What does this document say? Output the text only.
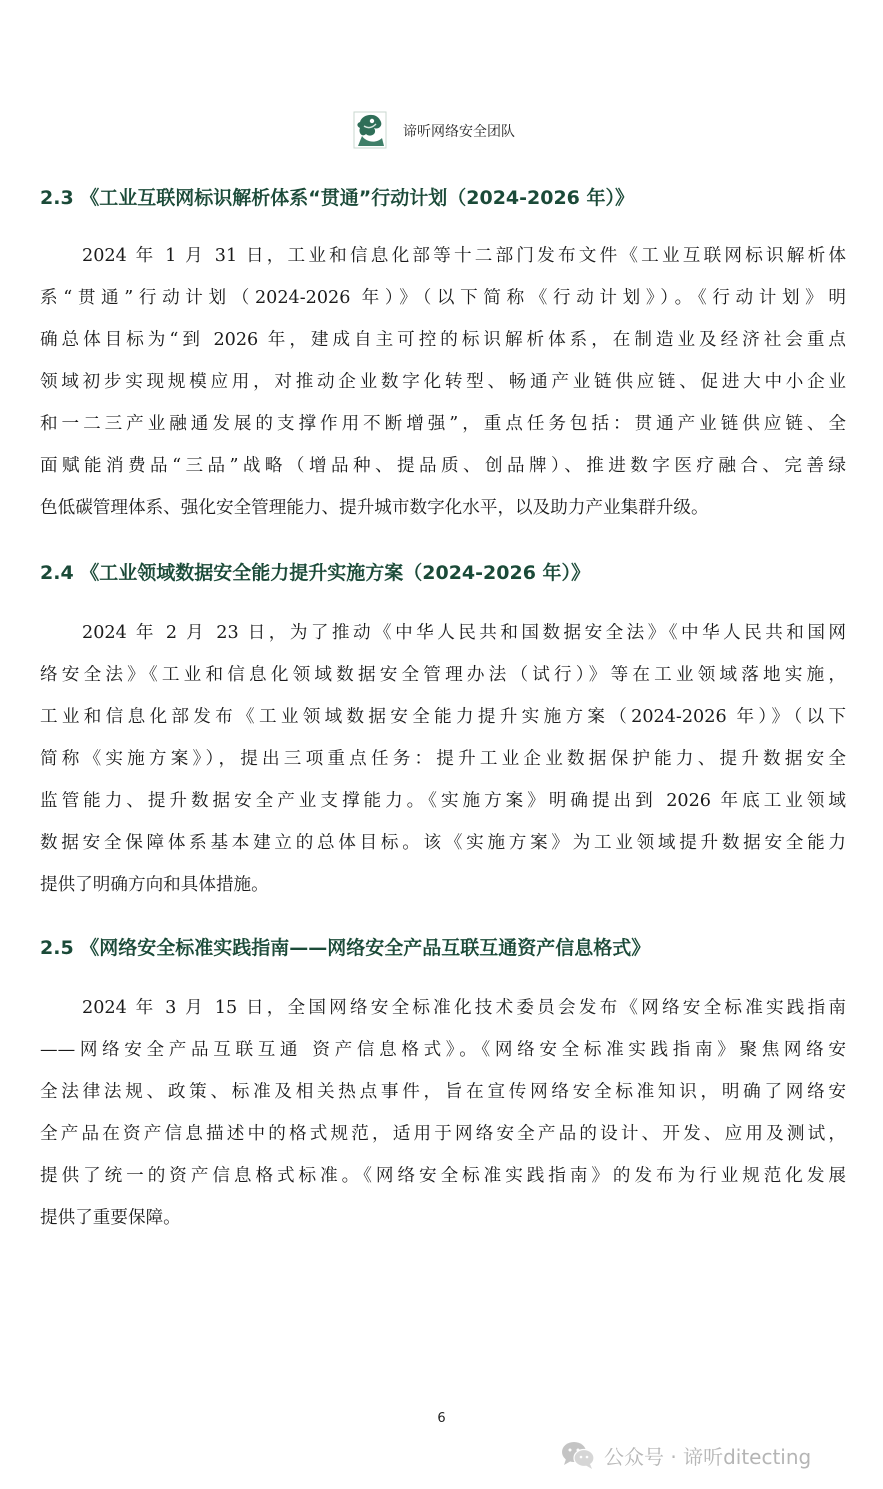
谛听网络安全团队
2.3 《工业互联网标识解析体系“贯通”行动计划（2024-2026 年）》
2024 年 1 月 31 日，工业和信息化部等十二部门发布文件《工业互联网标识解析体
系“贯通”行动计划（2024-2026 年）》（以下简称《行动计划》）。《行动计划》明
确总体目标为“到 2026 年，建成自主可控的标识解析体系，在制造业及经济社会重点
领域初步实现规模应用，对推动企业数字化转型、畅通产业链供应链、促进大中小企业
和一二三产业融通发展的支撑作用不断增强”，重点任务包括：贯通产业链供应链、全
面赋能消费品“三品”战略（增品种、提品质、创品牌）、推进数字医疗融合、完善绿
色低碳管理体系、强化安全管理能力、提升城市数字化水平，以及助力产业集群升级。
2.4 《工业领域数据安全能力提升实施方案（2024-2026 年）》
2024 年 2 月 23 日，为了推动《中华人民共和国数据安全法》《中华人民共和国网
络安全法》《工业和信息化领域数据安全管理办法（试行）》等在工业领域落地实施，
工业和信息化部发布《工业领域数据安全能力提升实施方案（2024-2026 年）》（以下
简称《实施方案》），提出三项重点任务：提升工业企业数据保护能力、提升数据安全
监管能力、提升数据安全产业支撑能力。《实施方案》明确提出到 2026 年底工业领域
数据安全保障体系基本建立的总体目标。该《实施方案》为工业领域提升数据安全能力
提供了明确方向和具体措施。
2.5 《网络安全标准实践指南——网络安全产品互联互通资产信息格式》
2024 年 3 月 15 日，全国网络安全标准化技术委员会发布《网络安全标准实践指南
——网络安全产品互联互通 资产信息格式》。《网络安全标准实践指南》聚焦网络安
全法律法规、政策、标准及相关热点事件，旨在宣传网络安全标准知识，明确了网络安
全产品在资产信息描述中的格式规范，适用于网络安全产品的设计、开发、应用及测试，
提供了统一的资产信息格式标准。《网络安全标准实践指南》的发布为行业规范化发展
提供了重要保障。
6
公众号 · 谛听ditecting
